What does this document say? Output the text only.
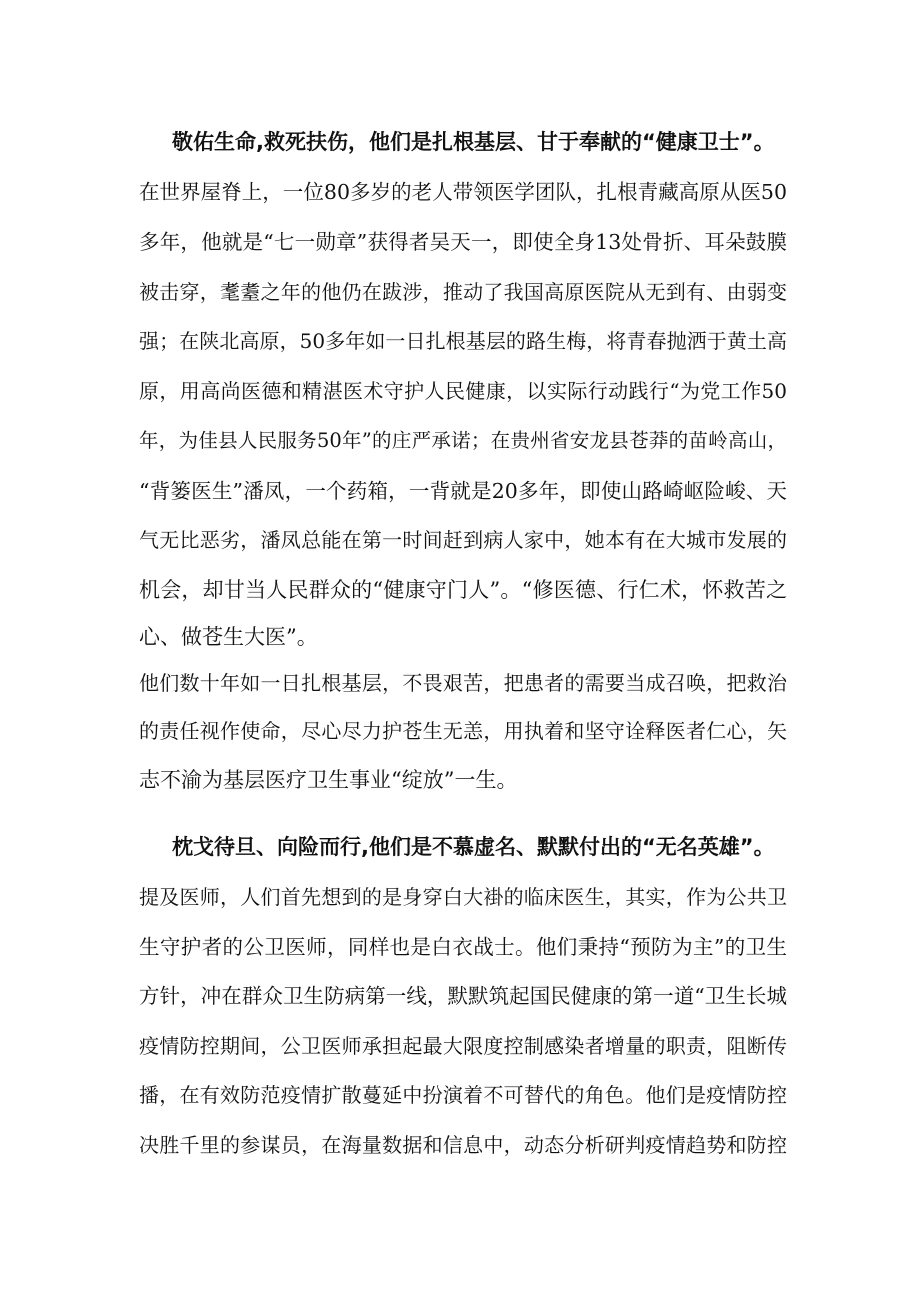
敬佑生命,救死扶伤，他们是扎根基层、甘于奉献的“健康卫士”。
在世界屋脊上，一位80多岁的老人带领医学团队，扎根青藏高原从医50
多年，他就是“七一勋章”获得者吴天一，即使全身13处骨折、耳朵鼓膜
被击穿，耄耋之年的他仍在跋涉，推动了我国高原医院从无到有、由弱变
强；在陕北高原，50多年如一日扎根基层的路生梅，将青春抛洒于黄土高
原，用高尚医德和精湛医术守护人民健康，以实际行动践行“为党工作50
年，为佳县人民服务50年”的庄严承诺；在贵州省安龙县苍莽的苗岭高山，
“背篓医生”潘凤，一个药箱，一背就是20多年，即使山路崎岖险峻、天
气无比恶劣，潘凤总能在第一时间赶到病人家中，她本有在大城市发展的
机会，却甘当人民群众的“健康守门人”。“修医德、行仁术，怀救苦之
心、做苍生大医”。
他们数十年如一日扎根基层，不畏艰苦，把患者的需要当成召唤，把救治
的责任视作使命，尽心尽力护苍生无恙，用执着和坚守诠释医者仁心，矢
志不渝为基层医疗卫生事业“绽放”一生。
枕戈待旦、向险而行,他们是不慕虚名、默默付出的“无名英雄”。
提及医师，人们首先想到的是身穿白大褂的临床医生，其实，作为公共卫
生守护者的公卫医师，同样也是白衣战士。他们秉持“预防为主”的卫生
方针，冲在群众卫生防病第一线，默默筑起国民健康的第一道“卫生长城
疫情防控期间，公卫医师承担起最大限度控制感染者增量的职责，阻断传
播，在有效防范疫情扩散蔓延中扮演着不可替代的角色。他们是疫情防控
决胜千里的参谋员，在海量数据和信息中，动态分析研判疫情趋势和防控
